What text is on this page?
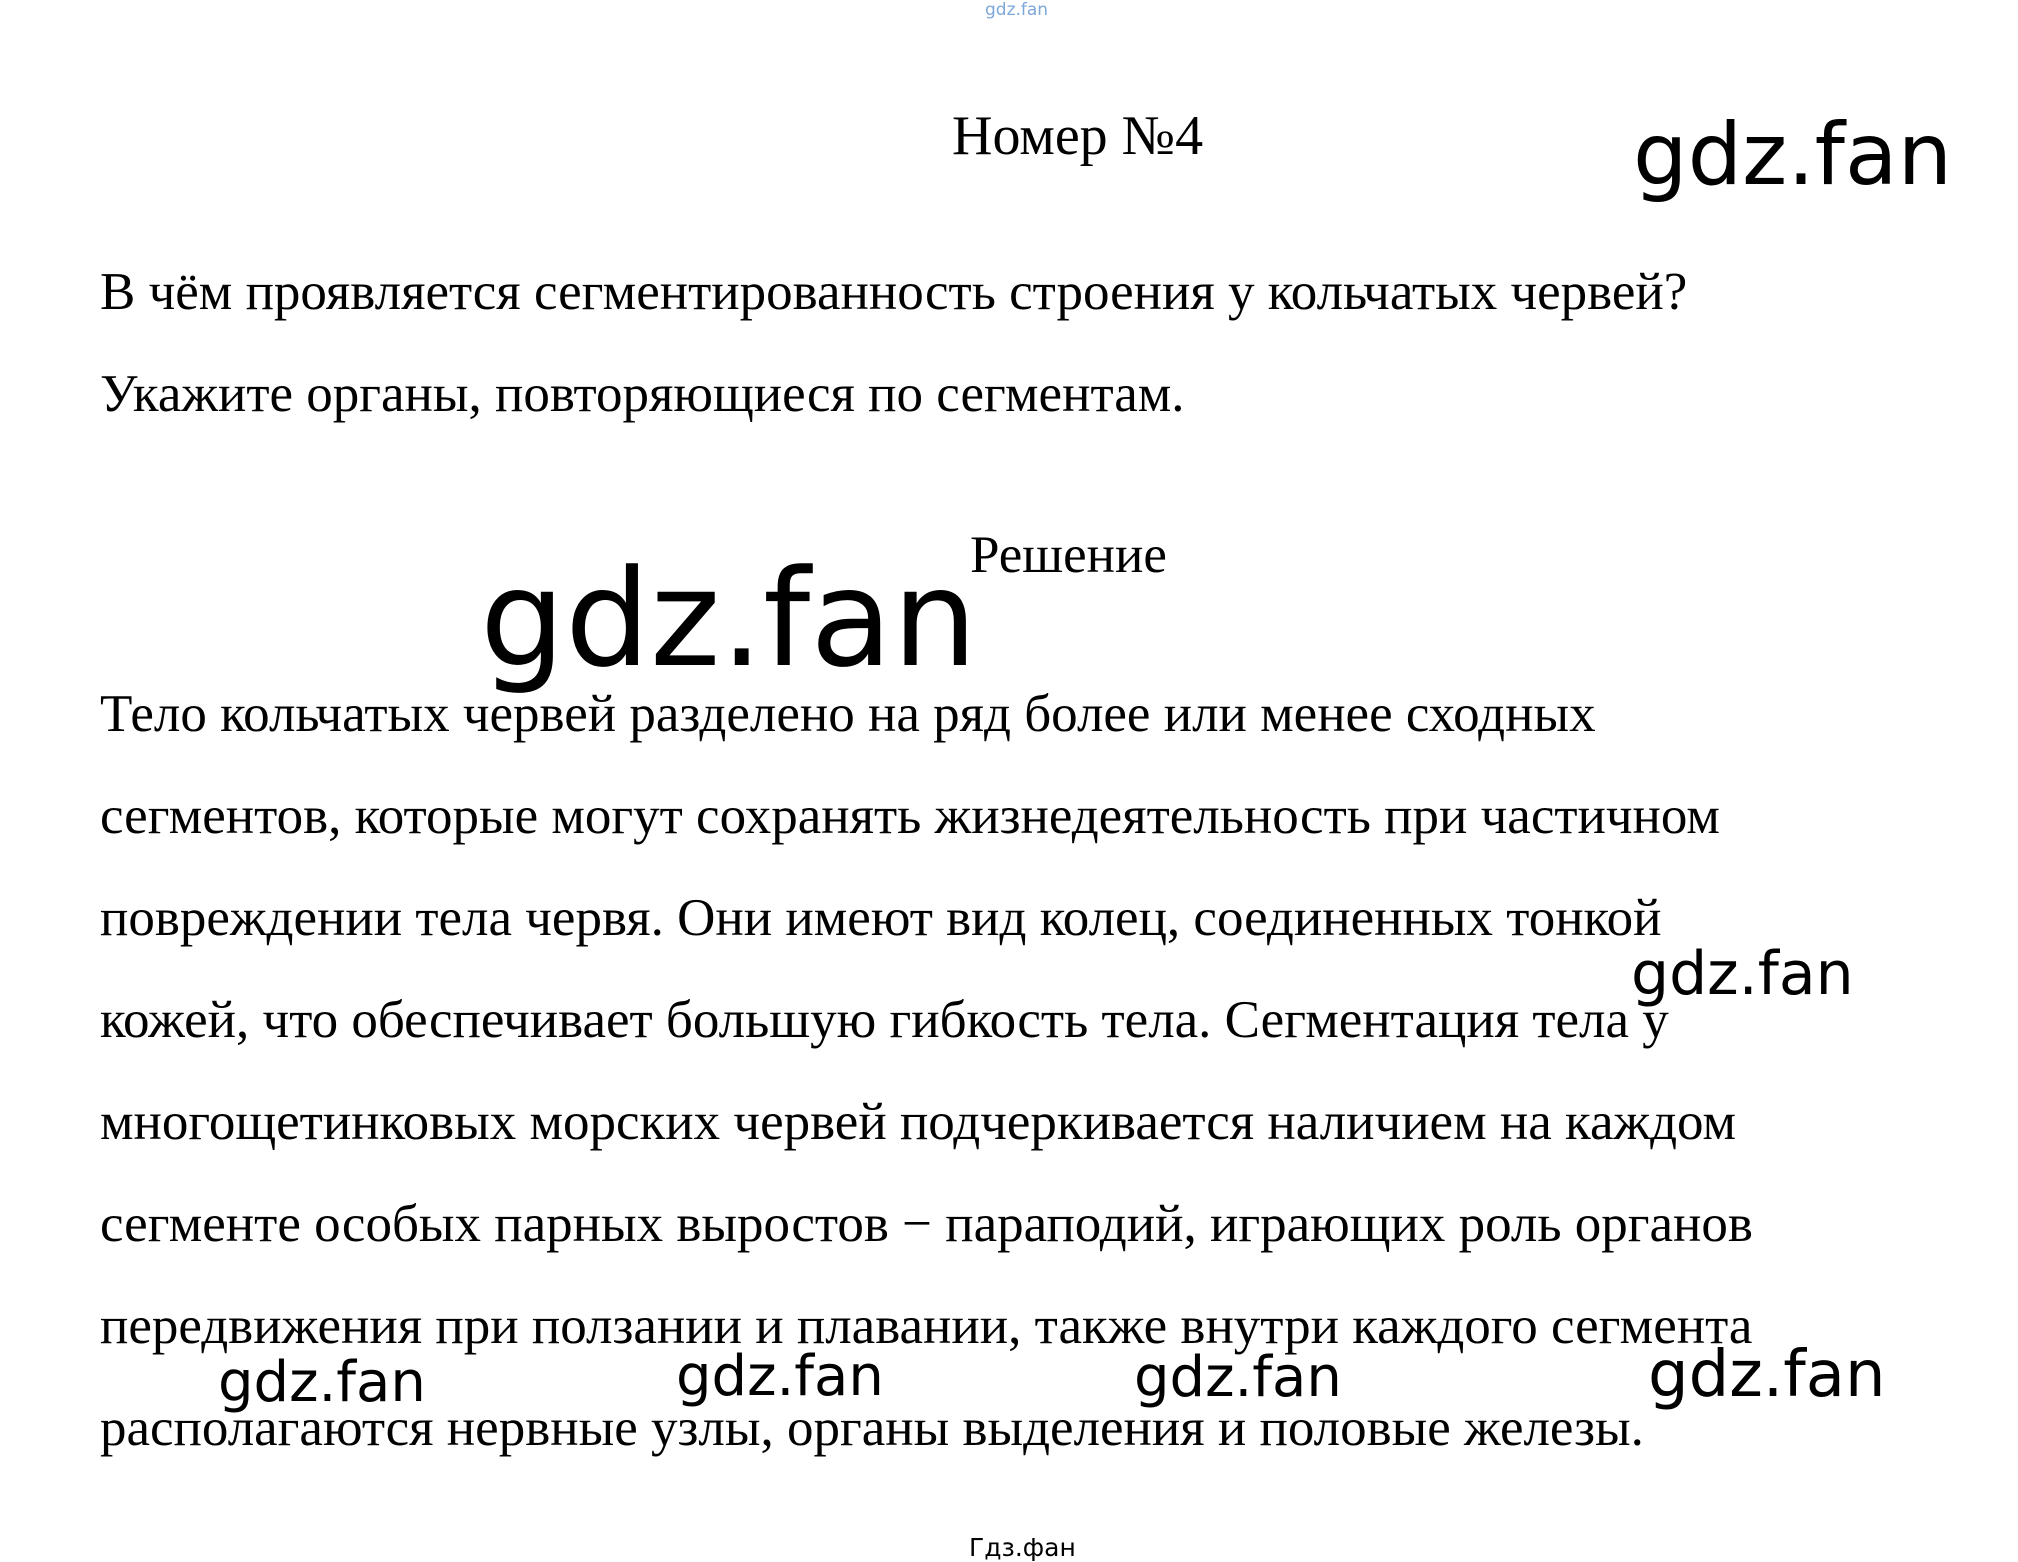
gdz.fan
Номер №4
В чём проявляется сегментированность строения у кольчатых червей?
Укажите органы, повторяющиеся по сегментам.
Решение
Тело кольчатых червей разделено на ряд более или менее сходных
сегментов, которые могут сохранять жизнедеятельность при частичном
повреждении тела червя. Они имеют вид колец, соединенных тонкой
кожей, что обеспечивает большую гибкость тела. Сегментация тела у
многощетинковых морских червей подчеркивается наличием на каждом
сегменте особых парных выростов − параподий, играющих роль органов
передвижения при ползании и плавании, также внутри каждого сегмента
располагаются нервные узлы, органы выделения и половые железы.
gdz.fan
gdz.fan
gdz.fan
gdz.fan	gdz.fan	gdz.fan	gdz.fan
Гдз.фан
